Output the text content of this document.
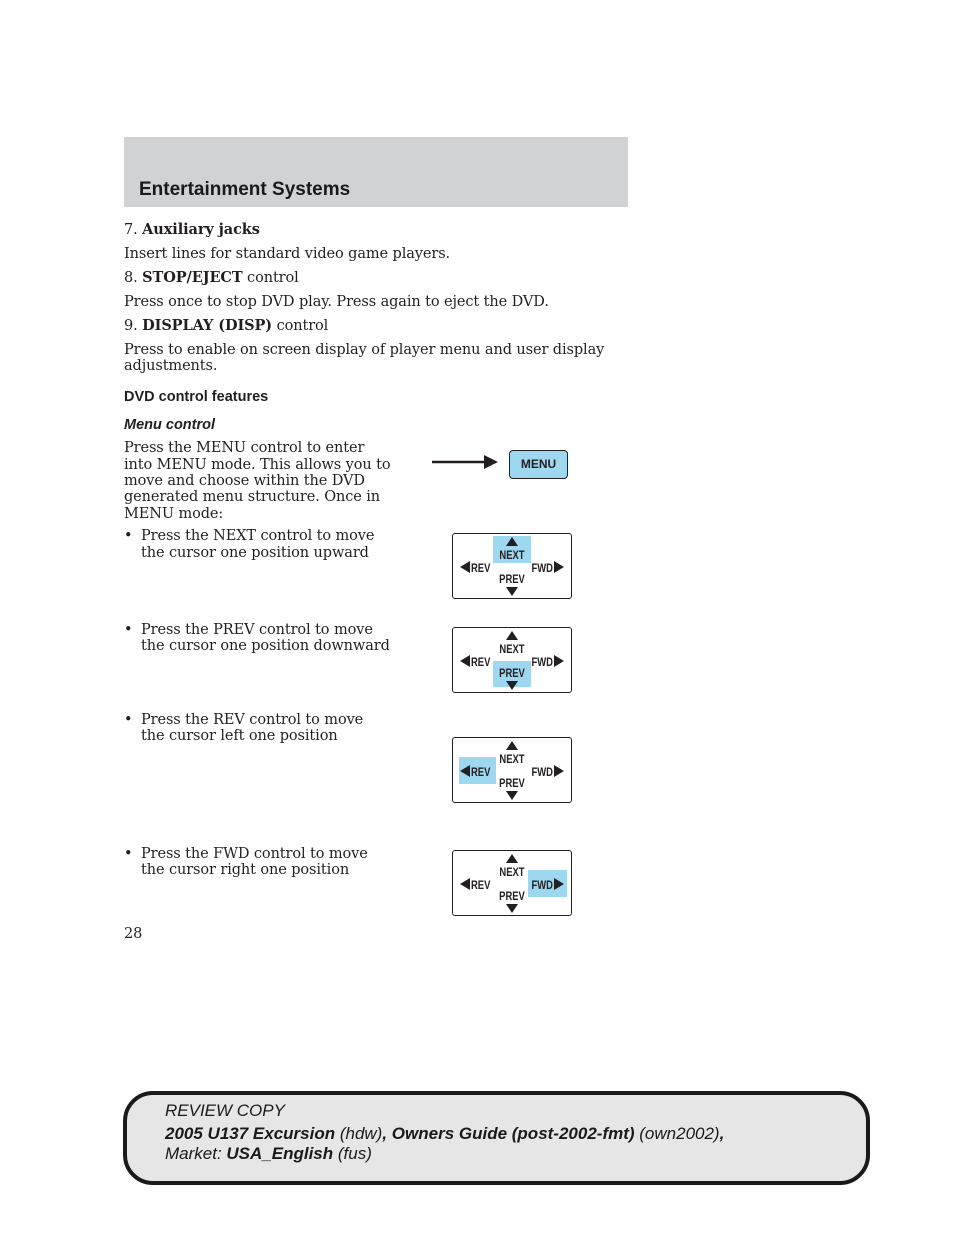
Entertainment Systems
7. Auxiliary jacks
Insert lines for standard video game players.
8. STOP/EJECT control
Press once to stop DVD play. Press again to eject the DVD.
9. DISPLAY (DISP) control
Press to enable on screen display of player menu and user display
adjustments.
DVD control features
Menu control
Press the MENU control to enter
into MENU mode. This allows you to
move and choose within the DVD
generated menu structure. Once in
MENU mode:
MENU
• Press the NEXT control to move
the cursor one position upward
• Press the PREV control to move
the cursor one position downward
• Press the REV control to move
the cursor left one position
• Press the FWD control to move
the cursor right one position
NEXT
PREV
REV	FWD
NEXT
PREV
REV	FWD
NEXT
PREV
REV	FWD
NEXT
PREV
REV	FWD
28
REVIEW COPY
2005 U137 Excursion (hdw), Owners Guide (post-2002-fmt) (own2002),
Market: USA_English (fus)
